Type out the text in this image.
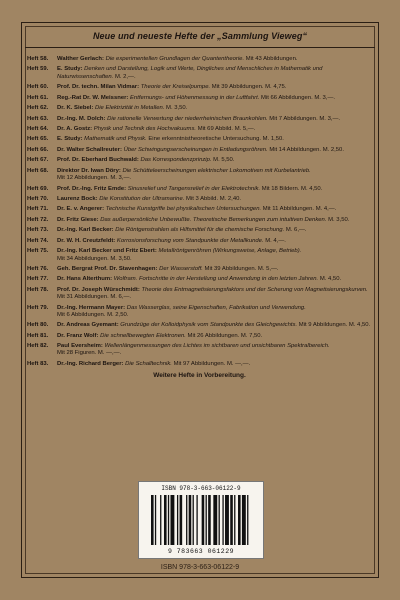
Neue und neueste Hefte der „Sammlung Vieweg“
Heft 58.	Walther Gerlach: Die experimentellen Grundlagen der Quantentheorie. Mit 43 Abbildungen.
Heft 59.	E. Study: Denken und Darstellung, Logik und Werte, Dingliches und Menschliches in Mathematik und Naturwissenschaften. M. 2,—.
Heft 60.	Prof. Dr. techn. Milan Vidmar: Theorie der Kreiselpumpe. Mit 39 Abbildungen. M. 4,75.
Heft 61.	Reg.-Rat Dr. W. Meissner: Entfernungs- und Höhenmessung in der Luftfahrt. Mit 66 Abbildungen. M. 3,—.
Heft 62.	Dr. K. Siebel: Die Elektrizität in Metallen. M. 3,50.
Heft 63.	Dr.-Ing. M. Dolch: Die rationelle Verwertung der niederrheinischen Braunkohlen. Mit 7 Abbildungen. M. 3,—.
Heft 64.	Dr. A. Gostz: Physik und Technik des Hochvakuums. Mit 69 Abbild. M. 5,—.
Heft 65.	E. Study: Mathematik und Physik. Eine erkenntnistheoretische Untersuchung. M. 1,50.
Heft 66.	Dr. Walter Schallreuter: Über Schwingungserscheinungen in Entladungsröhren. Mit 14 Abbildungen. M. 2,50.
Heft 67.	Prof. Dr. Eberhard Buchwald: Das Korrespondenzprinzip. M. 5,50.
Heft 68.	Direktor Dr. Iwan Döry: Die Schütteleerscheinungen elektrischer Lokomotiven mit Kurbelantrieb. Mit 12 Abbildungen. M. 3,—.
Heft 69.	Prof. Dr.-Ing. Fritz Emde: Sinusrelief und Tangensrelief in der Elektrotechnik. Mit 18 Bildern. M. 4,50.
Heft 70.	Laurenz Bock: Die Konstitution der Ultramarine. Mit 3 Abbild. M. 2,40.
Heft 71.	Dr. E. v. Angerer: Technische Kunstgriffe bei physikalischen Untersuchungen. Mit 11 Abbildungen. M. 4,—.
Heft 72.	Dr. Fritz Giese: Das außerpersönliche Unbewußte. Theoretische Bemerkungen zum intuitiven Denken. M. 3,50.
Heft 73.	Dr.-Ing. Karl Becker: Die Röntgenstrahlen als Hilfsmittel für die chemische Forschung. M. 6,—.
Heft 74.	Dr. W. H. Creutzfeldt: Korrosionsforschung vom Standpunkte der Metallkunde. M. 4,—.
Heft 75.	Dr.-Ing. Karl Becker und Fritz Ebert: Metallröntgenröhren (Wirkungsweise, Anlage, Betrieb). Mit 34 Abbildungen. M. 3,50.
Heft 76.	Geh. Bergrat Prof. Dr. Stavenhagen: Der Wasserstoff. Mit 39 Abbildungen. M. 5,—.
Heft 77.	Dr. Hans Alterthum: Wolfram. Fortschritte in der Herstellung und Anwendung in den letzten Jahren. M. 4,50.
Heft 78.	Prof. Dr. Joseph Würschmidt: Theorie des Entmagnetisierungsfaktors und der Scherung von Magnetisierungskurven. Mit 31 Abbildungen. M. 6,—.
Heft 79.	Dr.-Ing. Hermann Mayer: Das Wasserglas, seine Eigenschaften, Fabrikation und Verwendung. Mit 6 Abbildungen. M. 2,50.
Heft 80.	Dr. Andreas Gyemant: Grundzüge der Kolloidphysik vom Standpunkte des Gleichgewichts. Mit 9 Abbildungen. M. 4,50.
Heft 81.	Dr. Franz Wolf: Die schnellbewegten Elektronen. Mit 26 Abbildungen. M. 7,50.
Heft 82.	Paul Eversheim: Wellenlängenmessungen des Lichtes im sichtbaren und unsichtbaren Spektralbereich. Mit 28 Figuren. M. —,—.
Heft 83.	Dr.-Ing. Richard Berger: Die Schalltechnik. Mit 97 Abbildungen. M. —,—.
Weitere Hefte in Vorbereitung.
ISBN 978-3-663-06122-9
9 783663 061229
ISBN 978-3-663-06122-9
